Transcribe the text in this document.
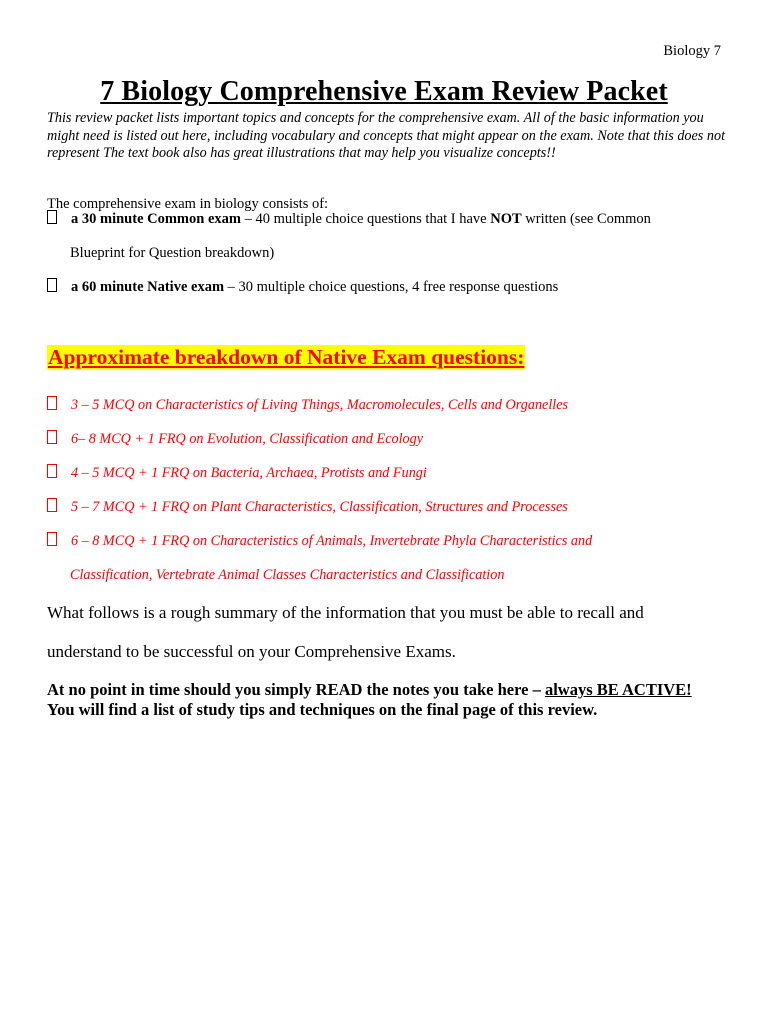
Biology 7
7 Biology Comprehensive Exam Review Packet
This review packet lists important topics and concepts for the comprehensive exam. All of the basic information you might need is listed out here, including vocabulary and concepts that might appear on the exam. Note that this does not represent The text book also has great illustrations that may help you visualize concepts!!
The comprehensive exam in biology consists of:
a 30 minute Common exam – 40 multiple choice questions that I have NOT written (see Common
Blueprint for Question breakdown)
a 60 minute Native exam – 30 multiple choice questions, 4 free response questions
Approximate breakdown of Native Exam questions:
3 – 5 MCQ on Characteristics of Living Things, Macromolecules, Cells and Organelles
6– 8 MCQ + 1 FRQ on Evolution, Classification and Ecology
4 – 5 MCQ + 1 FRQ on Bacteria, Archaea, Protists and Fungi
5 – 7 MCQ + 1 FRQ on Plant Characteristics, Classification, Structures and Processes
6 – 8 MCQ + 1 FRQ on Characteristics of Animals, Invertebrate Phyla Characteristics and
Classification, Vertebrate Animal Classes Characteristics and Classification
What follows is a rough summary of the information that you must be able to recall and
understand to be successful on your Comprehensive Exams.
At no point in time should you simply READ the notes you take here – always BE ACTIVE! You will find a list of study tips and techniques on the final page of this review.
